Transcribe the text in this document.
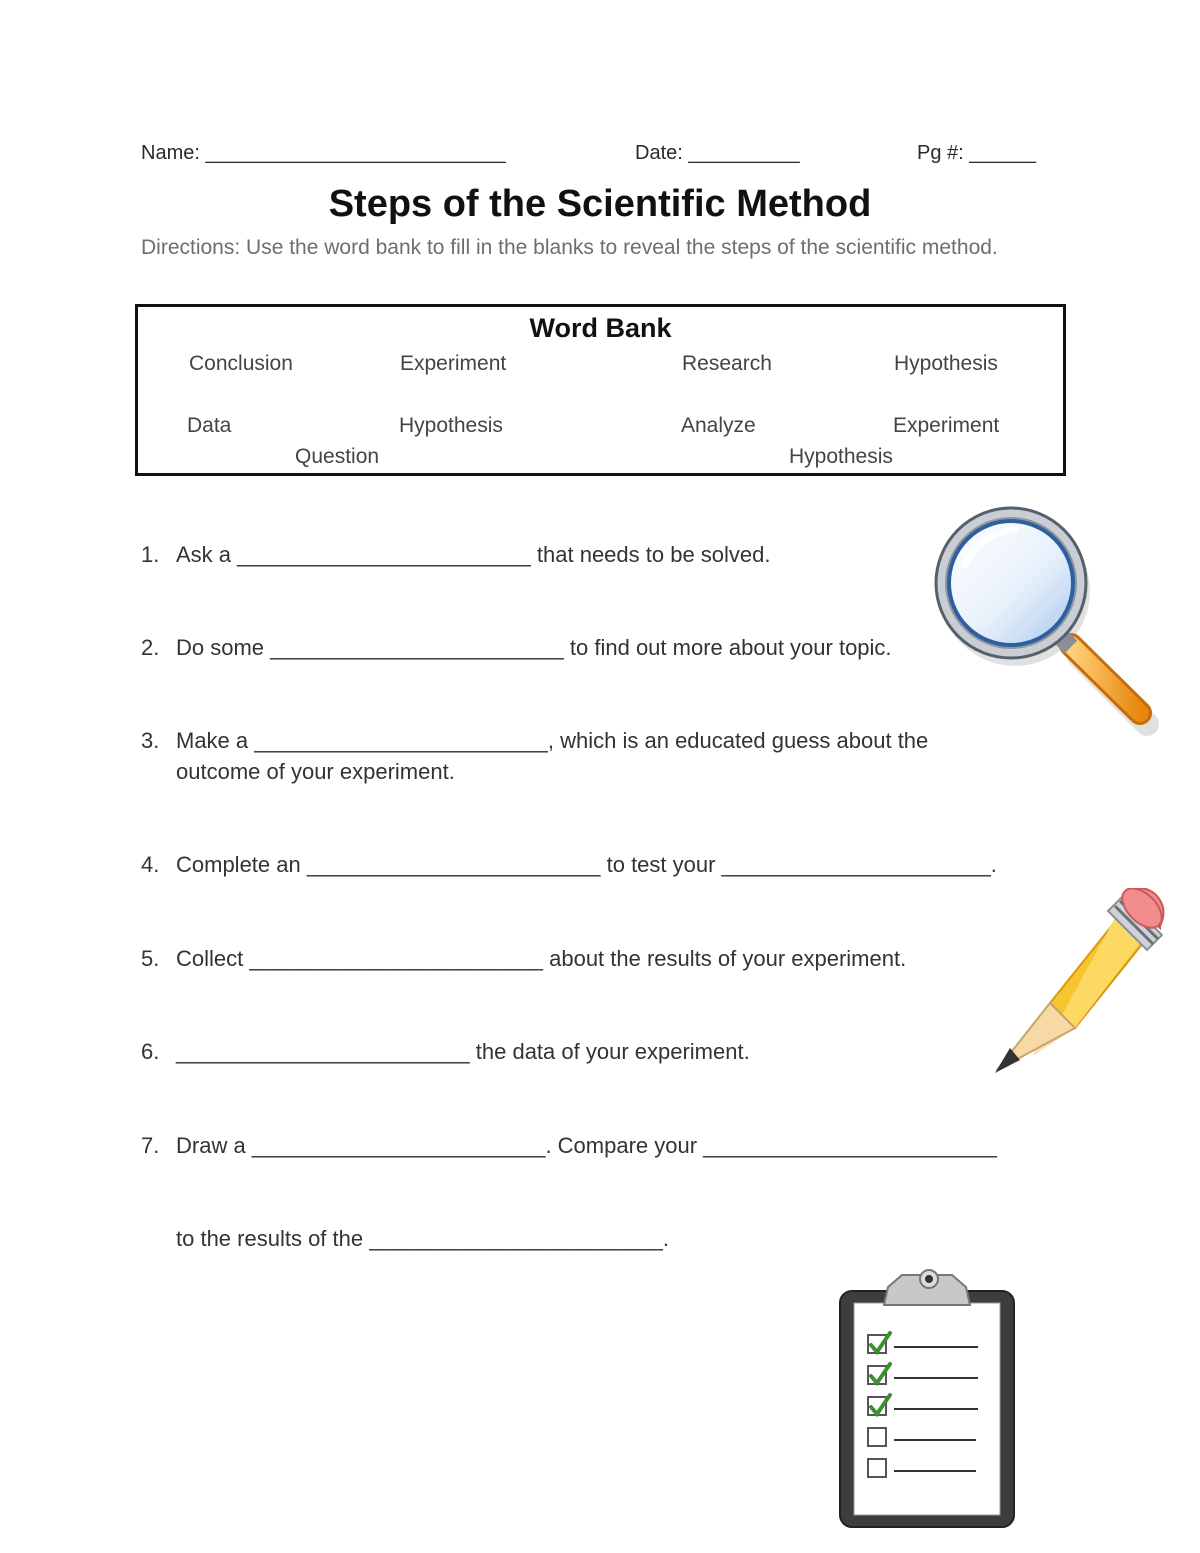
Name: ___________________________	Date: __________	Pg #: ______
Steps of the Scientific Method
Directions: Use the word bank to fill in the blanks to reveal the steps of the scientific method.
Word Bank
Conclusion	Experiment	Research	Hypothesis
Data	Hypothesis	Analyze	Experiment
Question	Hypothesis
1. Ask a ________________________ that needs to be solved.
2. Do some ________________________ to find out more about your topic.
3. Make a ________________________, which is an educated guess about the
outcome of your experiment.
4. Complete an ________________________ to test your ______________________.
5. Collect ________________________ about the results of your experiment.
6. ________________________ the data of your experiment.
7. Draw a ________________________. Compare your ________________________
to the results of the ________________________.
